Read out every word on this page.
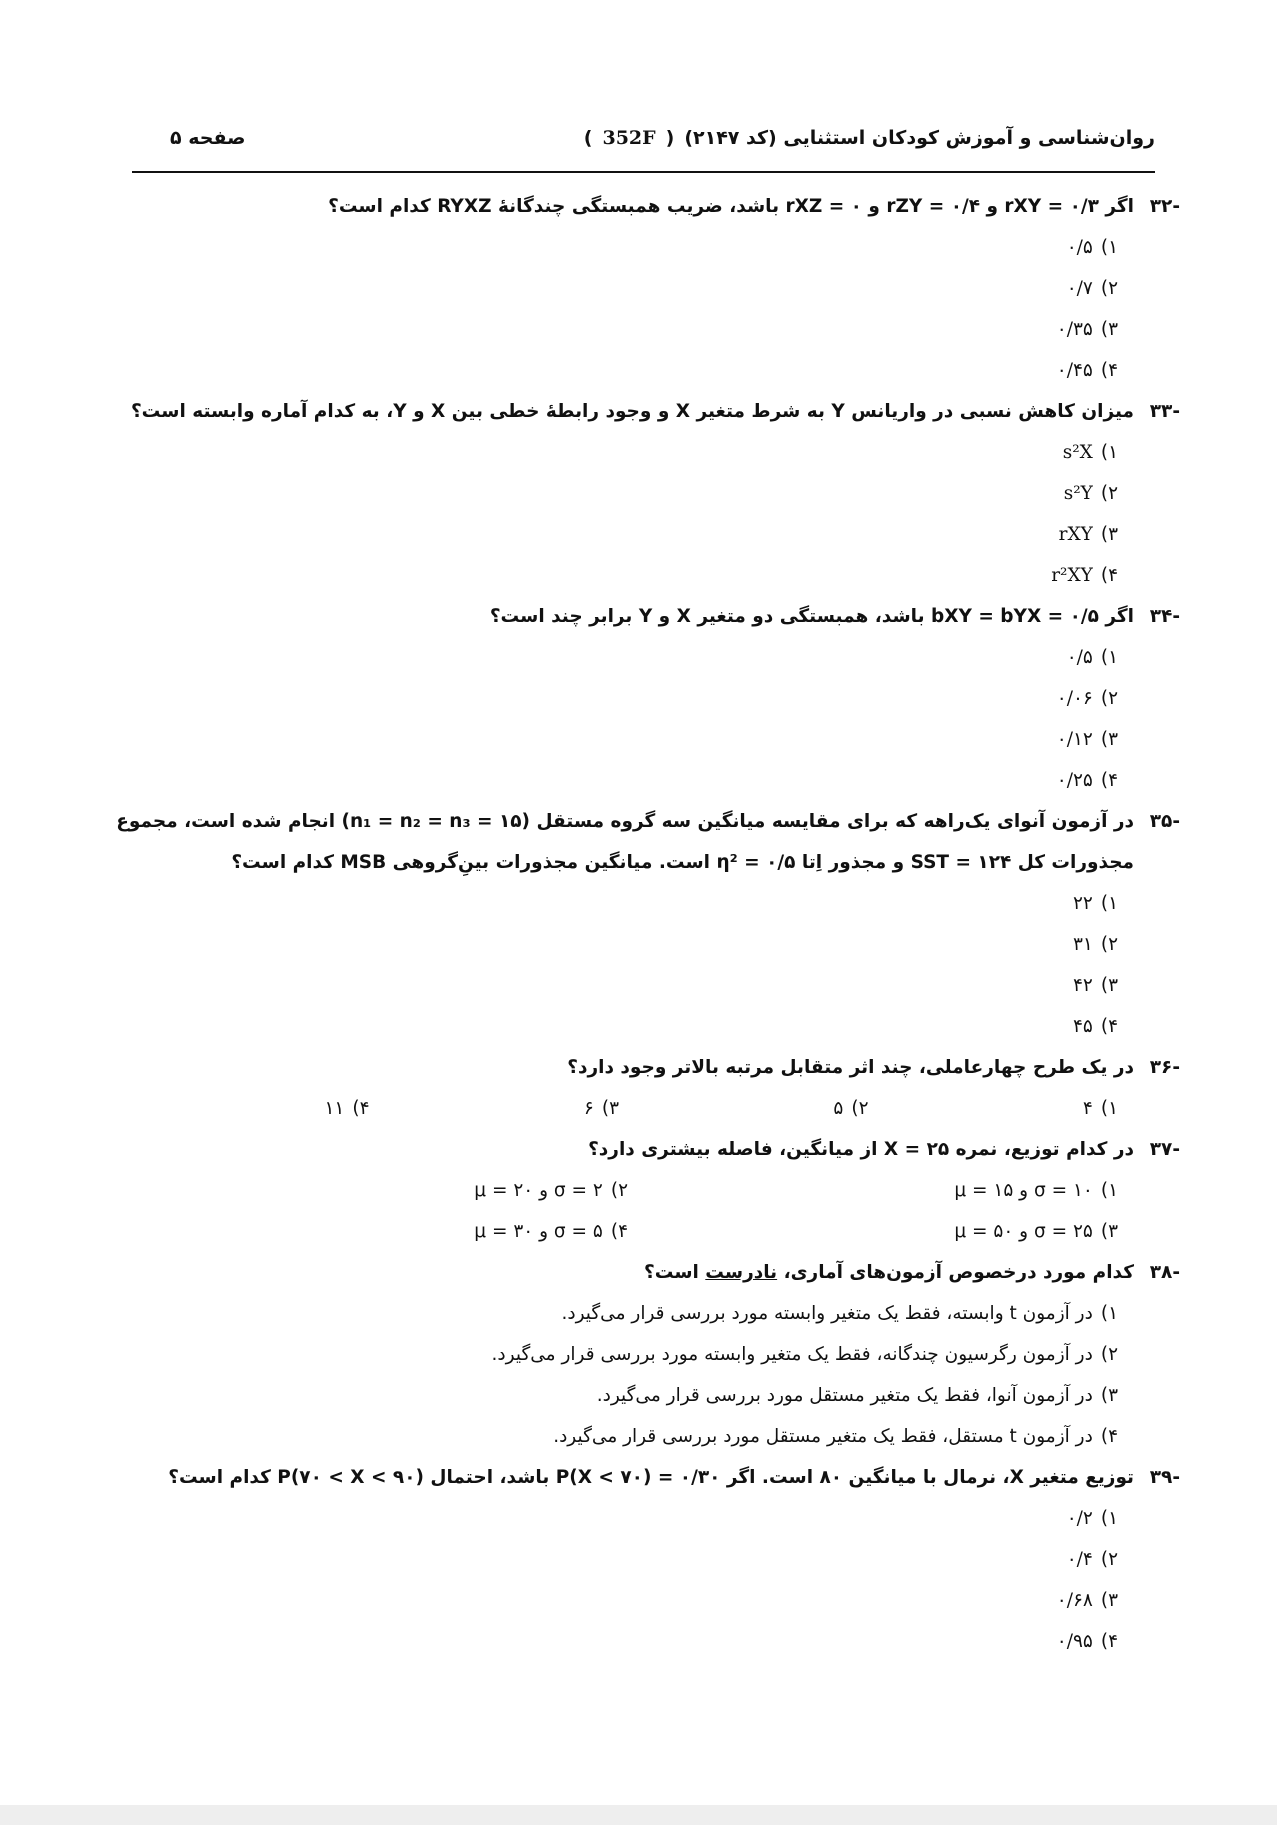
روان‌شناسی و آموزش کودکان استثنایی (کد ۲۱۴۷)
(
352F
)
صفحه ۵
-۳۲
اگر rXY = ۰/۳ و rZY = ۰/۴ و rXZ = ۰ باشد، ضریب همبستگی چندگانهٔ RYXZ کدام است؟
۱)۰/۵
۲)۰/۷
۳)۰/۳۵
۴)۰/۴۵
-۳۳
میزان کاهش نسبی در واریانس Y به شرط متغیر X و وجود رابطهٔ خطی بین X و Y، به کدام آماره وابسته است؟
۱)s²X
۲)s²Y
۳)rXY
۴)r²XY
-۳۴
اگر bXY = bYX = ۰/۵ باشد، همبستگی دو متغیر X و Y برابر چند است؟
۱)۰/۵
۲)۰/۰۶
۳)۰/۱۲
۴)۰/۲۵
-۳۵
در آزمون آنوای یک‌راهه که برای مقایسه میانگین سه گروه مستقل (n₁ = n₂ = n₃ = ۱۵) انجام شده است، مجموع
مجذورات کل SST = ۱۲۴ و مجذور اِتا η² = ۰/۵ است. میانگین مجذورات بینِ‌گروهی MSB کدام است؟
۱)۲۲
۲)۳۱
۳)۴۲
۴)۴۵
-۳۶
در یک طرح چهارعاملی، چند اثر متقابل مرتبه بالاتر وجود دارد؟
۱)۴
۲)۵
۳)۶
۴)۱۱
-۳۷
در کدام توزیع، نمره X = ۲۵ از میانگین، فاصله بیشتری دارد؟
۱)σ = ۱۰ و μ = ۱۵
۲)σ = ۲ و μ = ۲۰
۳)σ = ۲۵ و μ = ۵۰
۴)σ = ۵ و μ = ۳۰
-۳۸
کدام مورد درخصوص آزمون‌های آماری، نادرست است؟
۱)در آزمون t وابسته، فقط یک متغیر وابسته مورد بررسی قرار می‌گیرد.
۲)در آزمون رگرسیون چندگانه، فقط یک متغیر وابسته مورد بررسی قرار می‌گیرد.
۳)در آزمون آنوا، فقط یک متغیر مستقل مورد بررسی قرار می‌گیرد.
۴)در آزمون t مستقل، فقط یک متغیر مستقل مورد بررسی قرار می‌گیرد.
-۳۹
توزیع متغیر X، نرمال با میانگین ۸۰ است. اگر P(X < ۷۰) = ۰/۳۰ باشد، احتمال P(۷۰ < X < ۹۰) کدام است؟
۱)۰/۲
۲)۰/۴
۳)۰/۶۸
۴)۰/۹۵
